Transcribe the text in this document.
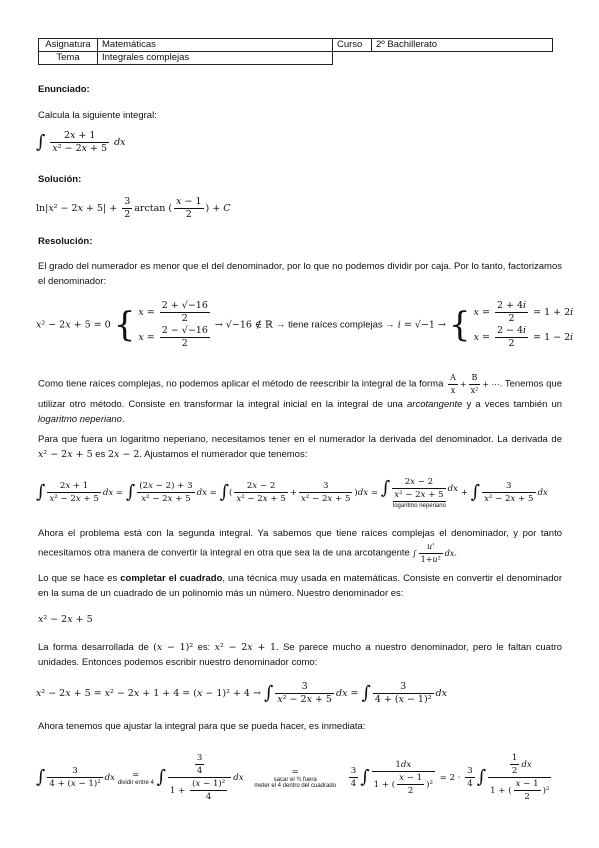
Asignatura	Matemáticas	Curso	2º Bachillerato
Tema	Integrales complejas		
Enunciado:
Calcula la siguiente integral:
∫ $\frac{2x + 1}{\text{x² − 2x + 5}}$ dx
Solución:
$\ln|x^2 - 2x + 5| + \frac{3}{2}$ arctan ( $\frac{x - 1}{2}$ ) + C
Resolución:
El grado del numerador es menor que el del denominador, por lo que no podemos dividir por caja. Por lo tanto, factorizamos el denominador:
x² − 2x + 5 = 0 { $x = \frac{2 + √-16}{2}$
$x = \frac{2 - √-16}{2} \to √-16$ ∉ ℝ → tiene raíces complejas → i = √−1 → { $x = \frac{2 + 4i}{2} = 1 + 2i$
$x = \frac{2 - 4i}{2} = 1 - 2i$
Como tiene raíces complejas, no podemos aplicar el método de reescribir la integral de la forma $\frac{A}{x} + \frac{B}{\text{x²}}$ + ⋯. Tenemos que utilizar otro método. Consiste en transformar la integral inicial en la integral de una arcotangente y a veces también un logaritmo neperiano.
Para que fuera un logaritmo neperiano, necesitamos tener en el numerador la derivada del denominador. La derivada de x² − 2x + 5 es 2x − 2. Ajustamos el numerador que tenemos:
∫ $\frac{2x + 1}{\text{x² − 2x + 5}}$ dx = ∫ $\frac{(2x - 2) + 3}{\text{x² − 2x + 5}}$ dx = ∫( $\frac{2x - 2}{\text{x² − 2x + 5}} + \frac{3}{\text{x² − 2x + 5}} )dx$ = ∫ $\frac{2x - 2}{\text{x² − 2x + 5}}$ dx
logaritmo neperiano
+ ∫ $\frac{3}{\text{x² − 2x + 5}}$ dx
Ahora el problema está con la segunda integral. Ya sabemos que tiene raíces complejas el denominador, y por tanto necesitamos otra manera de convertir la integral en otra que sea la de una arcotangente ∫ $\frac{u'}{\text{1+u²}}$ dx.
Lo que se hace es completar el cuadrado, una técnica muy usada en matemáticas. Consiste en convertir el denominador en la suma de un cuadrado de un polinomio más un número. Nuestro denominador es:
x² − 2x + 5
La forma desarrollada de (x − 1)² es: x² − 2x + 1. Se parece mucho a nuestro denominador, pero le faltan cuatro unidades. Entonces podemos escribir nuestro denominador como:
x² − 2x + 5 = x² − 2x + 1 + 4 = (x − 1)² + 4 → ∫ $\frac{3}{\text{x² − 2x + 5}}$ dx = ∫ $\frac{3}{\text{4 + (x − 1)²}}$ dx
Ahora tenemos que ajustar la integral para que se pueda hacer, es inmediata:
∫ $\frac{3}{\text{4 + (x − 1)²}}$ dx =
dividir entre 4 ∫ $\frac{\frac{3}{4}}{1 + \frac{\text{(x − 1)²}}{4}}$ dx
=
sacar el ¾ fuera
meter el 4 dentro del cuadrado
$\frac{3}{4}$ ∫ $\frac{1dx}{1 + ( \frac{x - 1}{2} )^2} = 2 \cdot \frac{3}{4}$ ∫ $\frac{\frac{1}{2} dx}{1 + ( \frac{x - 1}{2} )^2}$
